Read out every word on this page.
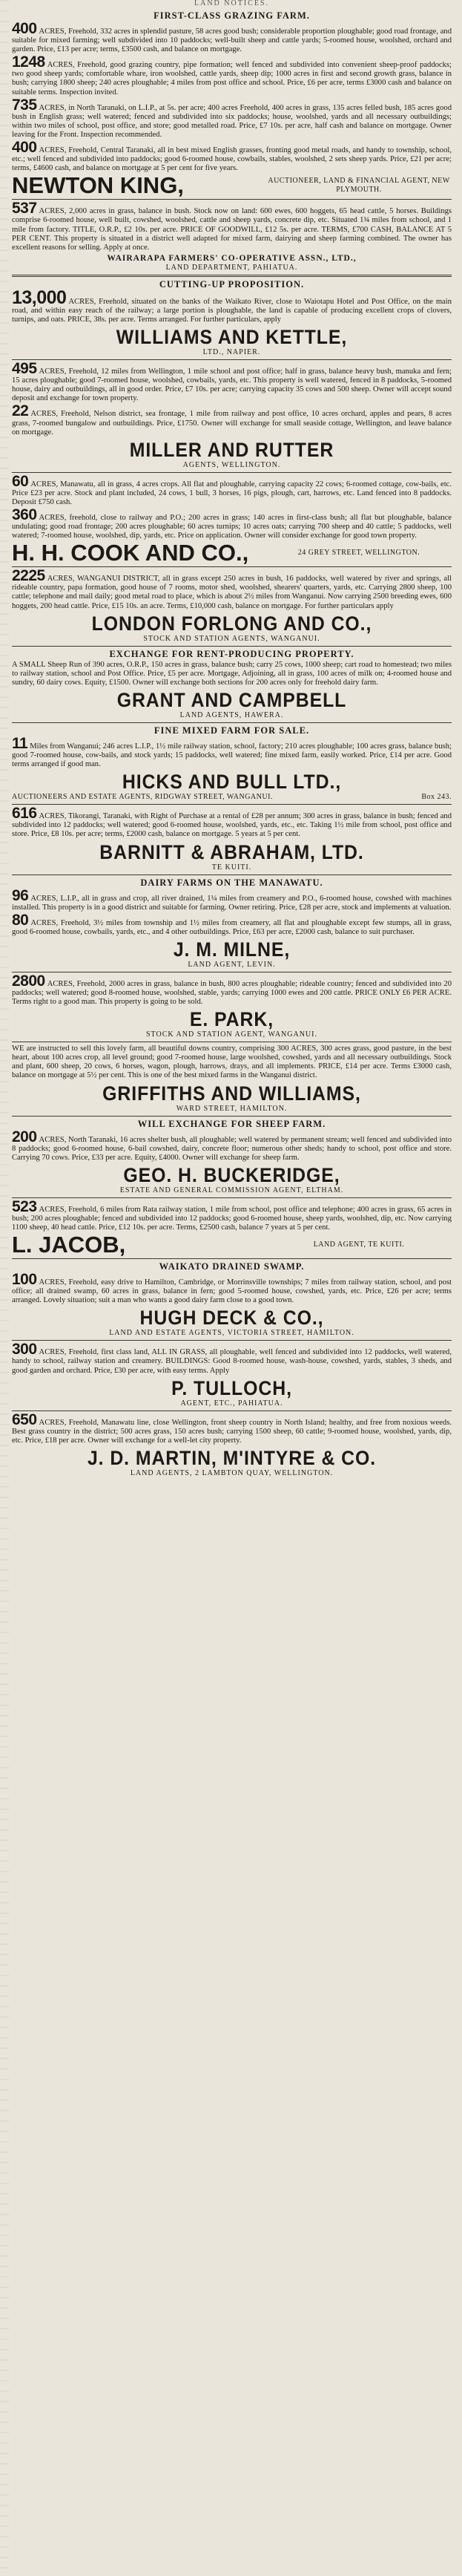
LAND NOTICES.
FIRST-CLASS GRAZING FARM.

400 ACRES, Freehold, 332 acres in splendid pasture, 58 acres good bush; considerable proportion ploughable; good road frontage, and suitable for mixed farming; well subdivided into 10 paddocks; well-built sheep and cattle yards; 5-roomed house, woolshed, orchard and garden. Price, £13 per acre; terms, £3500 cash, and balance on mortgage.

1248 ACRES, Freehold, good grazing country, pipe formation; well fenced and subdivided into convenient sheep-proof paddocks; two good sheep yards; comfortable whare, iron woolshed, cattle yards, sheep dip; 1000 acres in first and second growth grass, balance in bush; carrying 1800 sheep; 240 acres ploughable; 4 miles from post office and school. Price, £6 per acre, terms £3000 cash and balance on suitable terms. Inspection invited.

735 ACRES, in North Taranaki, on L.I.P., at 5s. per acre; 400 acres Freehold, 400 acres in grass, 135 acres felled bush, 185 acres good bush in English grass; well watered; fenced and subdivided into six paddocks; house, woolshed, yards and all necessary outbuildings; within two miles of school, post office, and store; good metalled road. Price, £7 10s. per acre, half cash and balance on mortgage. Owner leaving for the Front. Inspection recommended.

400 ACRES, Freehold, Central Taranaki, all in best mixed English grasses, fronting good metal roads, and handy to township, school, etc.; well fenced and subdivided into paddocks; good 6-roomed house, cowbails, stables, woolshed, 2 sets sheep yards. Price, £21 per acre; terms, £4600 cash, and balance on mortgage at 5 per cent for five years.

NEWTON KING,	AUCTIONEER, LAND & FINANCIAL AGENT, NEW PLYMOUTH.

537 ACRES, 2,000 acres in grass, balance in bush. Stock now on land: 600 ewes, 600 hoggets, 65 head cattle, 5 horses. Buildings comprise 6-roomed house, well built, cowshed, woolshed, cattle and sheep yards, concrete dip, etc. Situated 1¾ miles from school, and 1 mile from factory. TITLE, O.R.P., £2 10s. per acre. PRICE OF GOODWILL, £12 5s. per acre. TERMS, £700 CASH, BALANCE AT 5 PER CENT. This property is situated in a district well adapted for mixed farm, dairying and sheep farming combined. The owner has excellent reasons for selling. Apply at once.

WAIRARAPA FARMERS' CO-OPERATIVE ASSN., LTD.,
LAND DEPARTMENT, PAHIATUA.
CUTTING-UP PROPOSITION.

13,000 ACRES, Freehold, situated on the banks of the Waikato River, close to Waiotapu Hotel and Post Office, on the main road, and within easy reach of the railway; a large portion is ploughable, the land is capable of producing excellent crops of clovers, turnips, and oats. PRICE, 38s. per acre. Terms arranged. For further particulars, apply

WILLIAMS AND KETTLE,
LTD., NAPIER.

495 ACRES, Freehold, 12 miles from Wellington, 1 mile school and post office; half in grass, balance heavy bush, manuka and fern; 15 acres ploughable; good 7-roomed house, woolshed, cowbails, yards, etc. This property is well watered, fenced in 8 paddocks, 5-roomed house, dairy and outbuildings, all in good order. Price, £7 10s. per acre; carrying capacity 35 cows and 500 sheep. Owner will accept sound deposit and exchange for town property.

22 ACRES, Freehold, Nelson district, sea frontage, 1 mile from railway and post office, 10 acres orchard, apples and pears, 8 acres grass, 7-roomed bungalow and outbuildings. Price, £1750. Owner will exchange for small seaside cottage, Wellington, and leave balance on mortgage.

MILLER AND RUTTER
AGENTS, WELLINGTON.

60 ACRES, Manawatu, all in grass, 4 acres crops. All flat and ploughable, carrying capacity 22 cows; 6-roomed cottage, cow-bails, etc. Price £23 per acre. Stock and plant included, 24 cows, 1 bull, 3 horses, 16 pigs, plough, cart, harrows, etc. Land fenced into 8 paddocks. Deposit £750 cash.

360 ACRES, freehold, close to railway and P.O.; 200 acres in grass; 140 acres in first-class bush; all flat but ploughable, balance undulating; good road frontage; 200 acres ploughable; 60 acres turnips; 10 acres oats; carrying 700 sheep and 40 cattle; 5 paddocks, well watered; 7-roomed house, woolshed, dip, yards, etc. Price on application. Owner will consider exchange for good town property.

H. H. COOK AND CO.,	24 GREY STREET, WELLINGTON.

2225 ACRES, WANGANUI DISTRICT, all in grass except 250 acres in bush, 16 paddocks, well watered by river and springs, all rideable country, papa formation, good house of 7 rooms, motor shed, woolshed, shearers' quarters, yards, etc. Carrying 2800 sheep, 100 cattle; telephone and mail daily; good metal road to place, which is about 2½ miles from Wanganui. Now carrying 2500 breeding ewes, 600 hoggets, 200 head cattle. Price, £15 10s. an acre. Terms, £10,000 cash, balance on mortgage. For further particulars apply

LONDON FORLONG AND CO.,
STOCK AND STATION AGENTS, WANGANUI.
EXCHANGE FOR RENT-PRODUCING PROPERTY.

A SMALL Sheep Run of 390 acres, O.R.P., 150 acres in grass, balance bush; carry 25 cows, 1000 sheep; cart road to homestead; two miles to railway station, school and Post Office. Price, £5 per acre. Mortgage, Adjoining, all in grass, 100 acres of milk on; 4-roomed house and sundry, 60 dairy cows. Equity, £1500. Owner will exchange both sections for 200 acres only for freehold dairy farm.

GRANT AND CAMPBELL
LAND AGENTS, HAWERA.
FINE MIXED FARM FOR SALE.

11 Miles from Wanganui; 246 acres L.I.P., 1½ mile railway station, school, factory; 210 acres ploughable; 100 acres grass, balance bush; good 7-roomed house, cow-bails, and stock yards; 15 paddocks, well watered; fine mixed farm, easily worked. Price, £14 per acre. Good terms arranged if good man.

HICKS AND BULL LTD.,
AUCTIONEERS AND ESTATE AGENTS, RIDGWAY STREET, WANGANUI.	Box 243.

616 ACRES, Tikorangi, Taranaki, with Right of Purchase at a rental of £28 per annum; 300 acres in grass, balance in bush; fenced and subdivided into 12 paddocks; well watered; good 6-roomed house, woolshed, yards, etc., etc. Taking 1½ mile from school, post office and store. Price, £8 10s. per acre; terms, £2000 cash, balance on mortgage. 5 years at 5 per cent.

BARNITT & ABRAHAM, LTD.
TE KUITI.
DAIRY FARMS ON THE MANAWATU.

96 ACRES, L.I.P., all in grass and crop, all river drained, 1¼ miles from creamery and P.O., 6-roomed house, cowshed with machines installed. This property is in a good district and suitable for farming. Owner retiring. Price, £28 per acre, stock and implements at valuation.

80 ACRES, Freehold, 3½ miles from township and 1½ miles from creamery, all flat and ploughable except few stumps, all in grass, good 6-roomed house, cowbails, yards, etc., and 4 other outbuildings. Price, £63 per acre, £2000 cash, balance to suit purchaser.

J. M. MILNE,
LAND AGENT, LEVIN.

2800 ACRES, Freehold, 2000 acres in grass, balance in bush, 800 acres ploughable; rideable country; fenced and subdivided into 20 paddocks; well watered; good 8-roomed house, woolshed, stable, yards; carrying 1000 ewes and 200 cattle. PRICE ONLY £6 PER ACRE. Terms right to a good man. This property is going to be sold.

E. PARK,
STOCK AND STATION AGENT, WANGANUI.

WE are instructed to sell this lovely farm, all beautiful downs country, comprising 300 ACRES, 300 acres grass, good pasture, in the best heart, about 100 acres crop, all level ground; good 7-roomed house, large woolshed, cowshed, yards and all necessary outbuildings. Stock and plant, 600 sheep, 20 cows, 6 horses, wagon, plough, harrows, drays, and all implements. PRICE, £14 per acre. Terms £3000 cash, balance on mortgage at 5½ per cent. This is one of the best mixed farms in the Wanganui district.

GRIFFITHS AND WILLIAMS,
WARD STREET, HAMILTON.
WILL EXCHANGE FOR SHEEP FARM.

200 ACRES, North Taranaki, 16 acres shelter bush, all ploughable; well watered by permanent stream; well fenced and subdivided into 8 paddocks; good 6-roomed house, 6-bail cowshed, dairy, concrete floor; numerous other sheds; handy to school, post office and store. Carrying 70 cows. Price, £33 per acre. Equity, £4000. Owner will exchange for sheep farm.

GEO. H. BUCKERIDGE,
ESTATE AND GENERAL COMMISSION AGENT, ELTHAM.

523 ACRES, Freehold, 6 miles from Rata railway station, 1 mile from school, post office and telephone; 400 acres in grass, 65 acres in bush; 200 acres ploughable; fenced and subdivided into 12 paddocks; good 6-roomed house, sheep yards, woolshed, dip, etc. Now carrying 1100 sheep, 40 head cattle. Price, £12 10s. per acre. Terms, £2500 cash, balance 7 years at 5 per cent.

L. JACOB,	LAND AGENT, TE KUITI.
WAIKATO DRAINED SWAMP.

100 ACRES, Freehold, easy drive to Hamilton, Cambridge, or Morrinsville townships; 7 miles from railway station, school, and post office; all drained swamp, 60 acres in grass, balance in fern; good 5-roomed house, cowshed, yards, etc. Price, £26 per acre; terms arranged. Lovely situation; suit a man who wants a good dairy farm close to a good town.

HUGH DECK & CO.,
LAND AND ESTATE AGENTS, VICTORIA STREET, HAMILTON.

300 ACRES, Freehold, first class land, ALL IN GRASS, all ploughable, well fenced and subdivided into 12 paddocks, well watered, handy to school, railway station and creamery. BUILDINGS: Good 8-roomed house, wash-house, cowshed, yards, stables, 3 sheds, and good garden and orchard. Price, £30 per acre, with easy terms. Apply

P. TULLOCH,
AGENT, ETC., PAHIATUA.

650 ACRES, Freehold, Manawatu line, close Wellington, front sheep country in North Island; healthy, and free from noxious weeds. Best grass country in the district; 500 acres grass, 150 acres bush; carrying 1500 sheep, 60 cattle; 9-roomed house, woolshed, yards, dip, etc. Price, £18 per acre. Owner will exchange for a well-let city property.

J. D. MARTIN, M'INTYRE & CO.
LAND AGENTS, 2 LAMBTON QUAY, WELLINGTON.
